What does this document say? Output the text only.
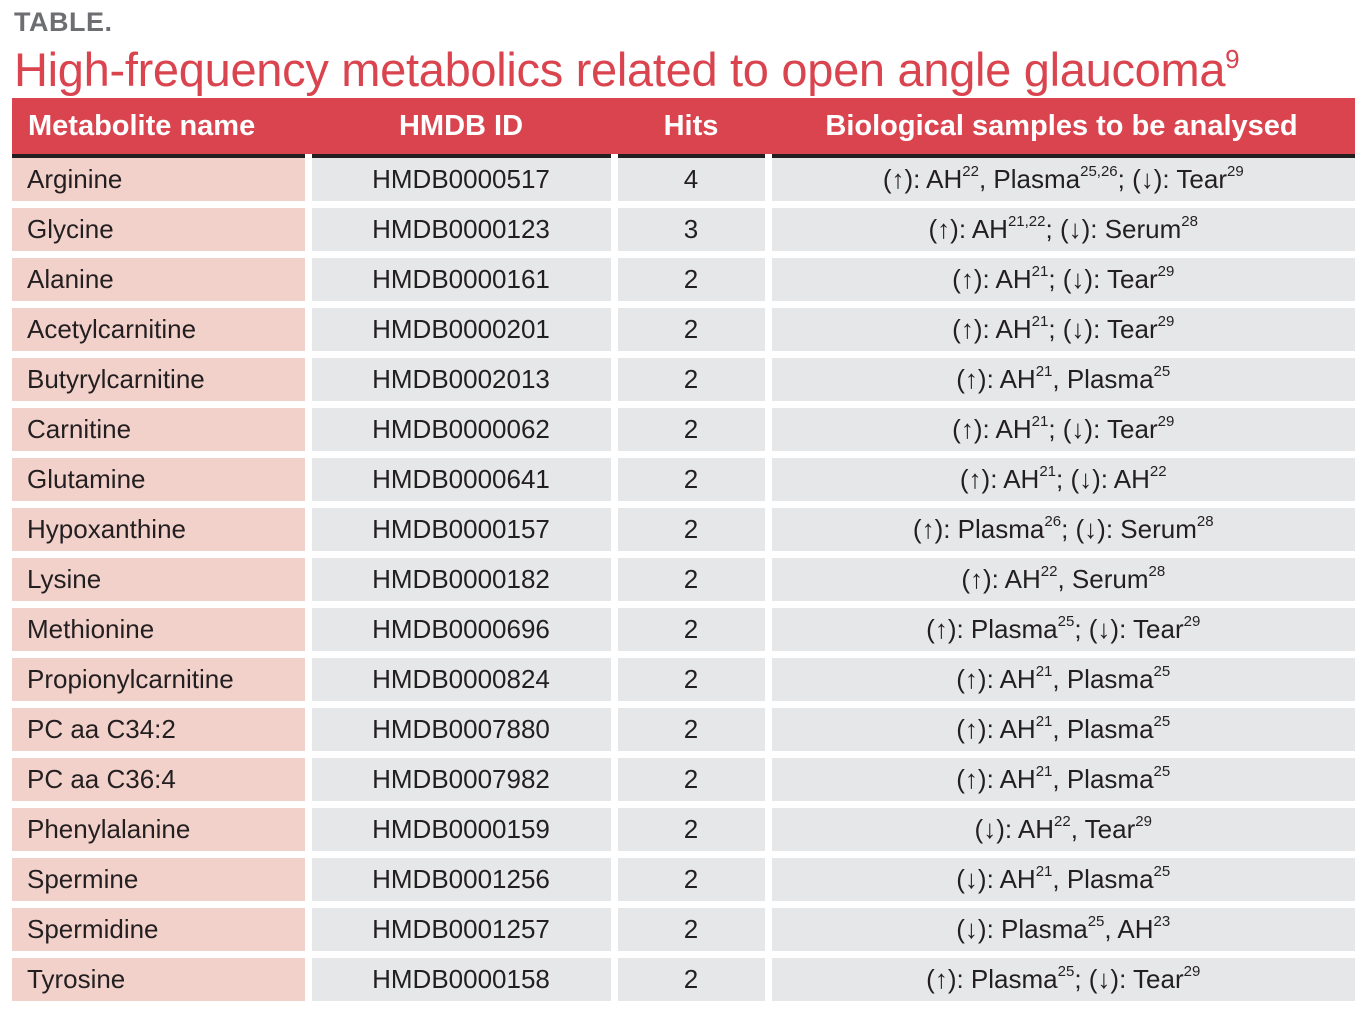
TABLE.
High-frequency metabolics related to open angle glaucoma$^9$
Metabolite name	HMDB ID	Hits	Biological samples to be analysed
Arginine	HMDB0000517	4	(↑): AH$^{22}$, Plasma$^{25,26}$; (↓): Tear$^{29}$
Glycine	HMDB0000123	3	(↑): AH$^{21,22}$; (↓): Serum$^{28}$
Alanine	HMDB0000161	2	(↑): AH$^{21}$; (↓): Tear$^{29}$
Acetylcarnitine	HMDB0000201	2	(↑): AH$^{21}$; (↓): Tear$^{29}$
Butyrylcarnitine	HMDB0002013	2	(↑): AH$^{21}$, Plasma$^{25}$
Carnitine	HMDB0000062	2	(↑): AH$^{21}$; (↓): Tear$^{29}$
Glutamine	HMDB0000641	2	(↑): AH$^{21}$; (↓): AH$^{22}$
Hypoxanthine	HMDB0000157	2	(↑): Plasma$^{26}$; (↓): Serum$^{28}$
Lysine	HMDB0000182	2	(↑): AH$^{22}$, Serum$^{28}$
Methionine	HMDB0000696	2	(↑): Plasma$^{25}$; (↓): Tear$^{29}$
Propionylcarnitine	HMDB0000824	2	(↑): AH$^{21}$, Plasma$^{25}$
PC aa C34:2	HMDB0007880	2	(↑): AH$^{21}$, Plasma$^{25}$
PC aa C36:4	HMDB0007982	2	(↑): AH$^{21}$, Plasma$^{25}$
Phenylalanine	HMDB0000159	2	(↓): AH$^{22}$, Tear$^{29}$
Spermine	HMDB0001256	2	(↓): AH$^{21}$, Plasma$^{25}$
Spermidine	HMDB0001257	2	(↓): Plasma$^{25}$, AH$^{23}$
Tyrosine	HMDB0000158	2	(↑): Plasma$^{25}$; (↓): Tear$^{29}$
